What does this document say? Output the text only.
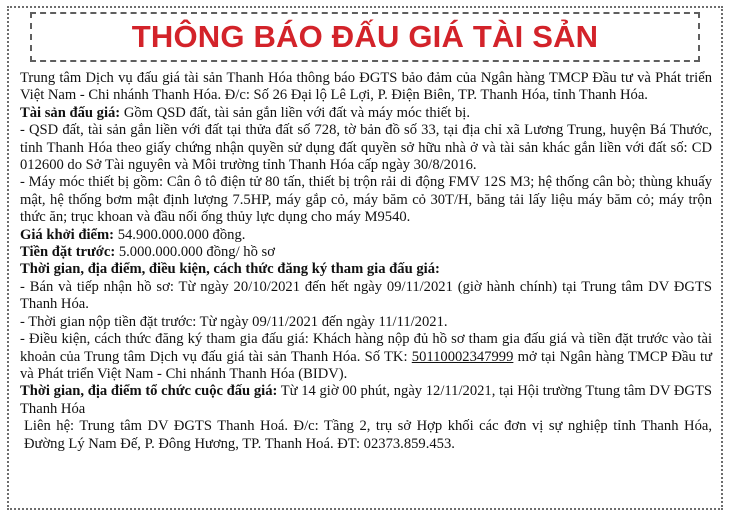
THÔNG BÁO ĐẤU GIÁ TÀI SẢN

Trung tâm Dịch vụ đấu giá tài sản Thanh Hóa thông báo ĐGTS bảo đảm của Ngân hàng TMCP Đầu tư và Phát triển Việt Nam - Chi nhánh Thanh Hóa. Đ/c: Số 26 Đại lộ Lê Lợi, P. Điện Biên, TP. Thanh Hóa, tỉnh Thanh Hóa.

Tài sản đấu giá: Gồm QSD đất, tài sản gắn liền với đất và máy móc thiết bị.

- QSD đất, tài sản gắn liền với đất tại thửa đất số 728, tờ bản đồ số 33, tại địa chỉ xã Lương Trung, huyện Bá Thước, tỉnh Thanh Hóa theo giấy chứng nhận quyền sử dụng đất quyền sở hữu nhà ở và tài sản khác gắn liền với đất số: CD 012600 do Sở Tài nguyên và Môi trường tỉnh Thanh Hóa cấp ngày 30/8/2016.

- Máy móc thiết bị gồm: Cân ô tô điện tử 80 tấn, thiết bị trộn rải di động FMV 12S M3; hệ thống cân bò; thùng khuấy mật, hệ thống bơm mật định lượng 7.5HP, máy gắp cỏ, máy băm cỏ 30T/H, băng tải lấy liệu máy băm cỏ; máy trộn thức ăn; trục khoan và đầu nối ống thủy lực dụng cho máy M9540.

Giá khởi điểm: 54.900.000.000 đồng.

Tiền đặt trước: 5.000.000.000 đồng/ hồ sơ

Thời gian, địa điểm, điều kiện, cách thức đăng ký tham gia đấu giá:

- Bán và tiếp nhận hồ sơ: Từ ngày 20/10/2021 đến hết ngày 09/11/2021 (giờ hành chính) tại Trung tâm DV ĐGTS Thanh Hóa.

- Thời gian nộp tiền đặt trước: Từ ngày 09/11/2021 đến ngày 11/11/2021.

- Điều kiện, cách thức đăng ký tham gia đấu giá: Khách hàng nộp đủ hồ sơ tham gia đấu giá và tiền đặt trước vào tài khoản của Trung tâm Dịch vụ đấu giá tài sản Thanh Hóa. Số TK: 50110002347999 mở tại Ngân hàng TMCP Đầu tư và Phát triển Việt Nam - Chi nhánh Thanh Hóa (BIDV).

Thời gian, địa điểm tổ chức cuộc đấu giá: Từ 14 giờ 00 phút, ngày 12/11/2021, tại Hội trường Ttung tâm DV ĐGTS Thanh Hóa

Liên hệ: Trung tâm DV ĐGTS Thanh Hoá. Đ/c: Tầng 2, trụ sở Hợp khối các đơn vị sự nghiệp tỉnh Thanh Hóa, Đường Lý Nam Đế, P. Đông Hương, TP. Thanh Hoá. ĐT: 02373.859.453.
